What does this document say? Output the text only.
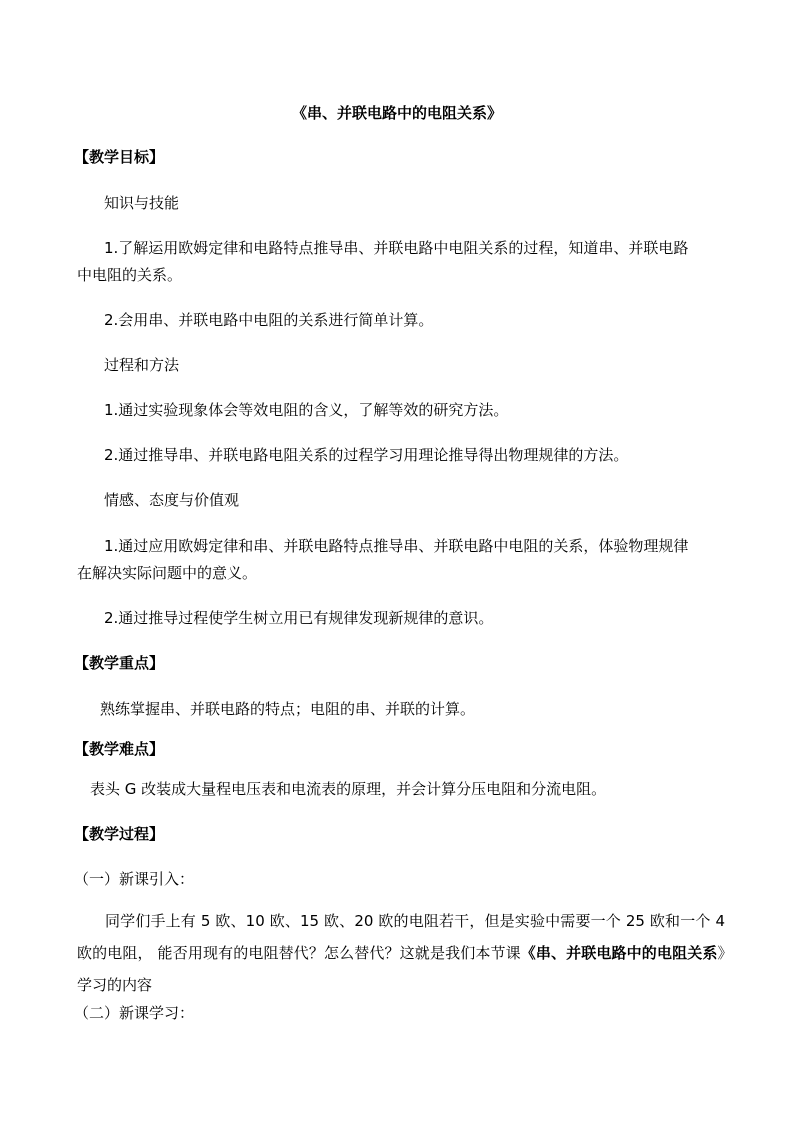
《串、并联电路中的电阻关系》
【教学目标】
知识与技能
1.了解运用欧姆定律和电路特点推导串、并联电路中电阻关系的过程，知道串、并联电路
中电阻的关系。
2.会用串、并联电路中电阻的关系进行简单计算。
过程和方法
1.通过实验现象体会等效电阻的含义，了解等效的研究方法。
2.通过推导串、并联电路电阻关系的过程学习用理论推导得出物理规律的方法。
情感、态度与价值观
1.通过应用欧姆定律和串、并联电路特点推导串、并联电路中电阻的关系，体验物理规律
在解决实际问题中的意义。
2.通过推导过程使学生树立用已有规律发现新规律的意识。
【教学重点】
熟练掌握串、并联电路的特点；电阻的串、并联的计算。
【教学难点】
表头 G 改装成大量程电压表和电流表的原理，并会计算分压电阻和分流电阻。
【教学过程】
（一）新课引入：
同学们手上有 5 欧、10 欧、15 欧、20 欧的电阻若干，但是实验中需要一个 25 欧和一个 4 欧的电阻， 能否用现有的电阻替代？怎么替代？这就是我们本节课《串、并联电路中的电阻关系》学习的内容
（二）新课学习：
